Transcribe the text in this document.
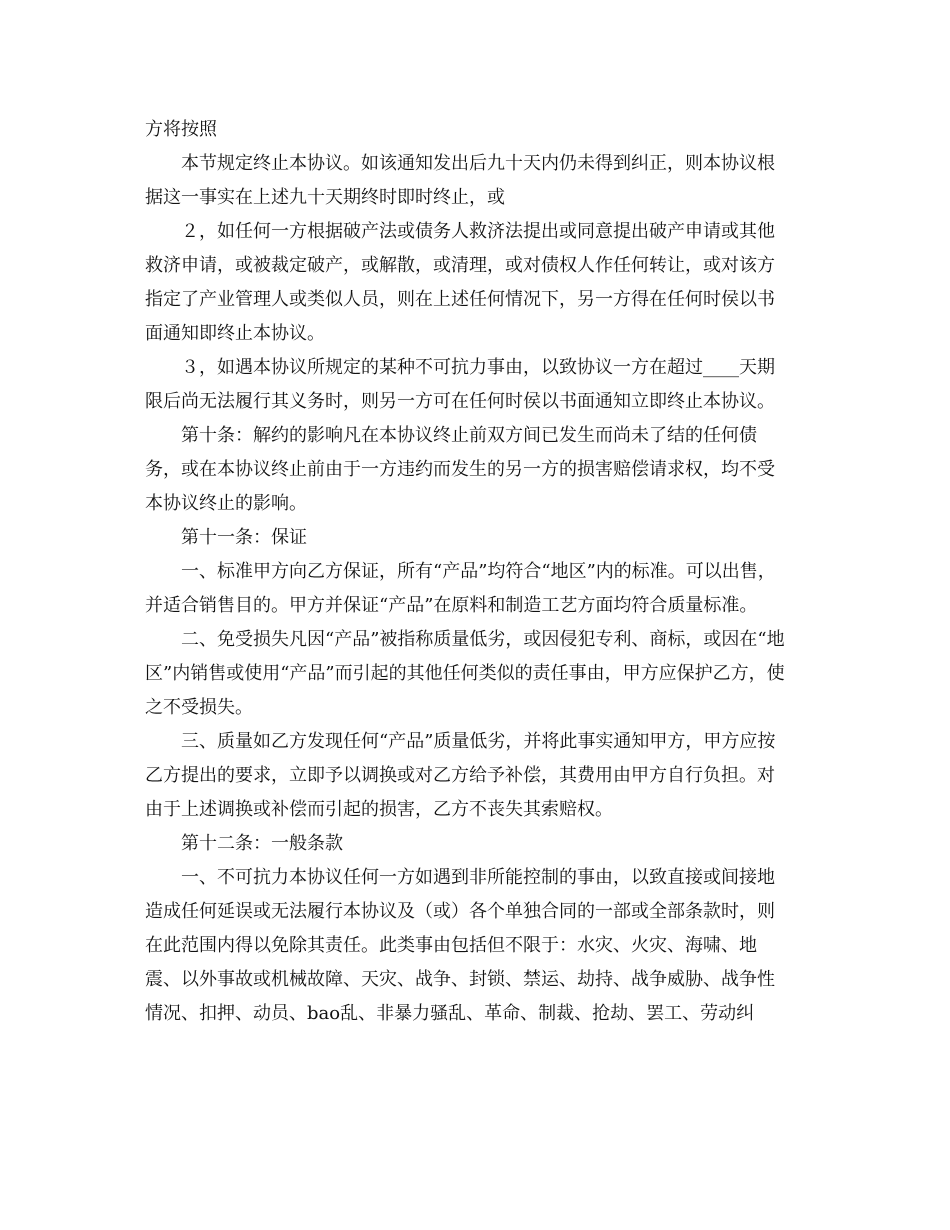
方将按照
本节规定终止本协议。如该通知发出后九十天内仍未得到纠正，则本协议根
据这一事实在上述九十天期终时即时终止，或
２，如任何一方根据破产法或债务人救济法提出或同意提出破产申请或其他
救济申请，或被裁定破产，或解散，或清理，或对债权人作任何转让，或对该方
指定了产业管理人或类似人员，则在上述任何情况下，另一方得在任何时侯以书
面通知即终止本协议。
３，如遇本协议所规定的某种不可抗力事由，以致协议一方在超过____天期
限后尚无法履行其义务时，则另一方可在任何时侯以书面通知立即终止本协议。
第十条：解约的影响凡在本协议终止前双方间已发生而尚未了结的任何债
务，或在本协议终止前由于一方违约而发生的另一方的损害赔偿请求权，均不受
本协议终止的影响。
第十一条：保证
一、标准甲方向乙方保证，所有“产品”均符合“地区”内的标准。可以出售，
并适合销售目的。甲方并保证“产品”在原料和制造工艺方面均符合质量标准。
二、免受损失凡因“产品”被指称质量低劣，或因侵犯专利、商标，或因在“地
区”内销售或使用“产品”而引起的其他任何类似的责任事由，甲方应保护乙方，使
之不受损失。
三、质量如乙方发现任何“产品”质量低劣，并将此事实通知甲方，甲方应按
乙方提出的要求，立即予以调换或对乙方给予补偿，其费用由甲方自行负担。对
由于上述调换或补偿而引起的损害，乙方不丧失其索赔权。
第十二条：一般条款
一、不可抗力本协议任何一方如遇到非所能控制的事由，以致直接或间接地
造成任何延误或无法履行本协议及（或）各个单独合同的一部或全部条款时，则
在此范围内得以免除其责任。此类事由包括但不限于：水灾、火灾、海啸、地
震、以外事故或机械故障、天灾、战争、封锁、禁运、劫持、战争威胁、战争性
情况、扣押、动员、bao乱、非暴力骚乱、革命、制裁、抢劫、罢工、劳动纠
